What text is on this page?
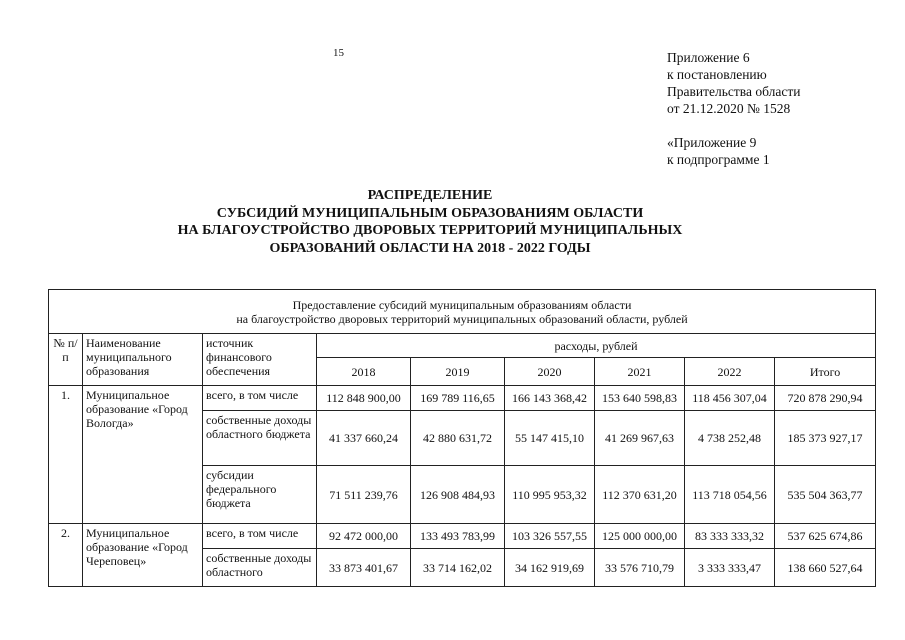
15	Приложение 6
к постановлению
Правительства области
от 21.12.2020 № 1528
«Приложение 9
к подпрограмме 1
РАСПРЕДЕЛЕНИЕ
СУБСИДИЙ МУНИЦИПАЛЬНЫМ ОБРАЗОВАНИЯМ ОБЛАСТИ
НА БЛАГОУСТРОЙСТВО ДВОРОВЫХ ТЕРРИТОРИЙ МУНИЦИПАЛЬНЫХ
ОБРАЗОВАНИЙ ОБЛАСТИ НА 2018 - 2022 ГОДЫ
Предоставление субсидий муниципальным образованиям области
на благоустройство дворовых территорий муниципальных образований области, рублей								

№ п/п	Наименование муниципального образования	источник финансового обеспечения	расходы, рублей					
			2018	2019	2020	2021	2022	Итого
1.	Муниципальное образование «Город Вологда»	всего, в том числе	112 848 900,00	169 789 116,65	166 143 368,42	153 640 598,83	118 456 307,04	720 878 290,94
		собственные доходы областного бюджета	41 337 660,24	42 880 631,72	55 147 415,10	41 269 967,63	4 738 252,48	185 373 927,17
		субсидии федерального бюджета	71 511 239,76	126 908 484,93	110 995 953,32	112 370 631,20	113 718 054,56	535 504 363,77
2.	Муниципальное образование «Город Череповец»	всего, в том числе	92 472 000,00	133 493 783,99	103 326 557,55	125 000 000,00	83 333 333,32	537 625 674,86
		собственные доходы областного	33 873 401,67	33 714 162,02	34 162 919,69	33 576 710,79	3 333 333,47	138 660 527,64
